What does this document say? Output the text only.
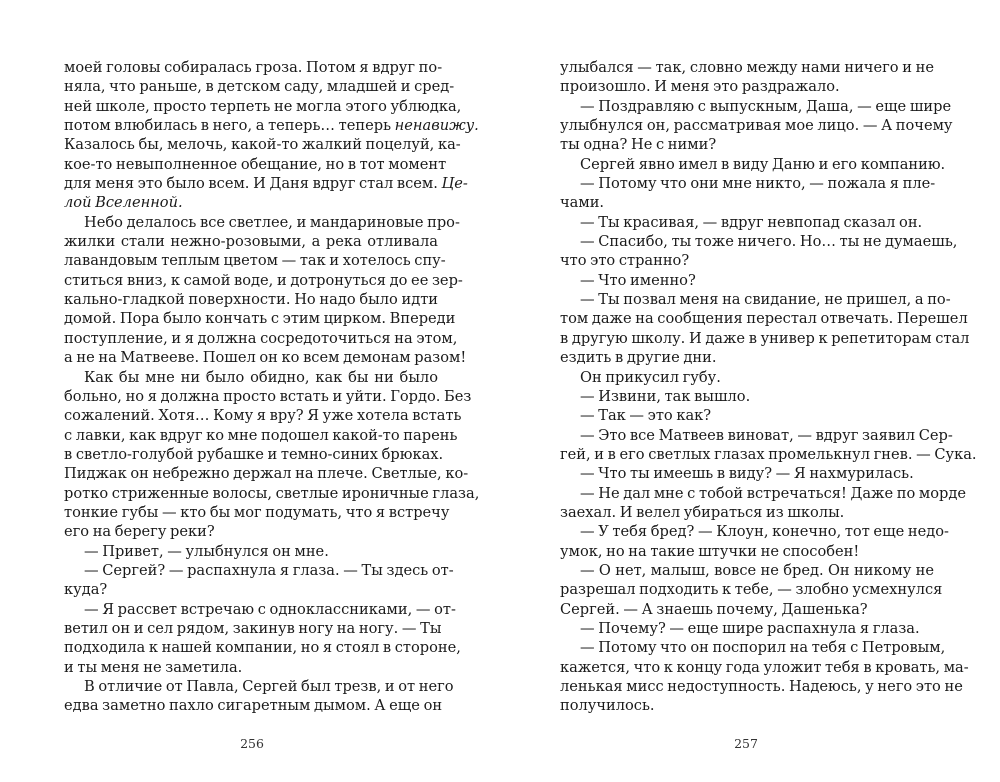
моей головы собиралась гроза. Потом я вдруг по-
няла, что раньше, в детском саду, младшей и сред-
ней школе, просто терпеть не могла этого ублюдка,
потом влюбилась в него, а теперь… теперь ненавижу.
Казалось бы, мелочь, какой-то жалкий поцелуй, ка-
кое-то невыполненное обещание, но в тот момент
для меня это было всем. И Даня вдруг стал всем. Це-
лой Вселенной.
Небо делалось все светлее, и мандариновые про-
жилки стали нежно-розовыми, а река отливала
лавандовым теплым цветом — так и хотелось спу-
ститься вниз, к самой воде, и дотронуться до ее зер-
кально-гладкой поверхности. Но надо было идти
домой. Пора было кончать с этим цирком. Впереди
поступление, и я должна сосредоточиться на этом,
а не на Матвееве. Пошел он ко всем демонам разом!
Как бы мне ни было обидно, как бы ни было
больно, но я должна просто встать и уйти. Гордо. Без
сожалений. Хотя… Кому я вру? Я уже хотела встать
с лавки, как вдруг ко мне подошел какой-то парень
в светло-голубой рубашке и темно-синих брюках.
Пиджак он небрежно держал на плече. Светлые, ко-
ротко стриженные волосы, светлые ироничные глаза,
тонкие губы — кто бы мог подумать, что я встречу
его на берегу реки?
— Привет, — улыбнулся он мне.
— Сергей? — распахнула я глаза. — Ты здесь от-
куда?
— Я рассвет встречаю с одноклассниками, — от-
ветил он и сел рядом, закинув ногу на ногу. — Ты
подходила к нашей компании, но я стоял в стороне,
и ты меня не заметила.
В отличие от Павла, Сергей был трезв, и от него
едва заметно пахло сигаретным дымом. А еще он
256
улыбался — так, словно между нами ничего и не
произошло. И меня это раздражало.
— Поздравляю с выпускным, Даша, — еще шире
улыбнулся он, рассматривая мое лицо. — А почему
ты одна? Не с ними?
Сергей явно имел в виду Даню и его компанию.
— Потому что они мне никто, — пожала я пле-
чами.
— Ты красивая, — вдруг невпопад сказал он.
— Спасибо, ты тоже ничего. Но… ты не думаешь,
что это странно?
— Что именно?
— Ты позвал меня на свидание, не пришел, а по-
том даже на сообщения перестал отвечать. Перешел
в другую школу. И даже в универ к репетиторам стал
ездить в другие дни.
Он прикусил губу.
— Извини, так вышло.
— Так — это как?
— Это все Матвеев виноват, — вдруг заявил Сер-
гей, и в его светлых глазах промелькнул гнев. — Сука.
— Что ты имеешь в виду? — Я нахмурилась.
— Не дал мне с тобой встречаться! Даже по морде
заехал. И велел убираться из школы.
— У тебя бред? — Клоун, конечно, тот еще недо-
умок, но на такие штучки не способен!
— О нет, малыш, вовсе не бред. Он никому не
разрешал подходить к тебе, — злобно усмехнулся
Сергей. — А знаешь почему, Дашенька?
— Почему? — еще шире распахнула я глаза.
— Потому что он поспорил на тебя с Петровым,
кажется, что к концу года уложит тебя в кровать, ма-
ленькая мисс недоступность. Надеюсь, у него это не
получилось.
257
